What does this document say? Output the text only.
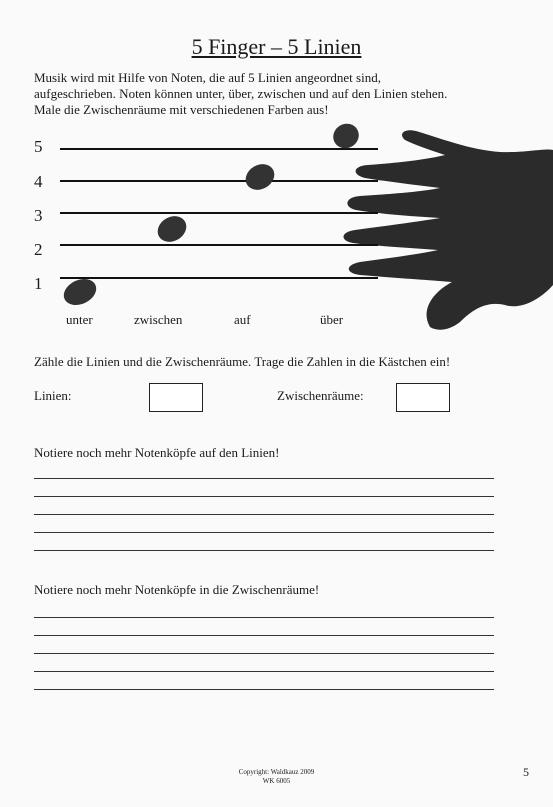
5 Finger – 5 Linien
Musik wird mit Hilfe von Noten, die auf 5 Linien angeordnet sind,
aufgeschrieben. Noten können unter, über, zwischen und auf den Linien stehen.
Male die Zwischenräume mit verschiedenen Farben aus!
5
4
3
2
1
unter	zwischen	auf	über
Zähle die Linien und die Zwischenräume. Trage die Zahlen in die Kästchen ein!
Linien:	Zwischenräume:
Notiere noch mehr Notenköpfe auf den Linien!
Notiere noch mehr Notenköpfe in die Zwischenräume!
Copyright: Waldkauz 2009
WK 6005
5
